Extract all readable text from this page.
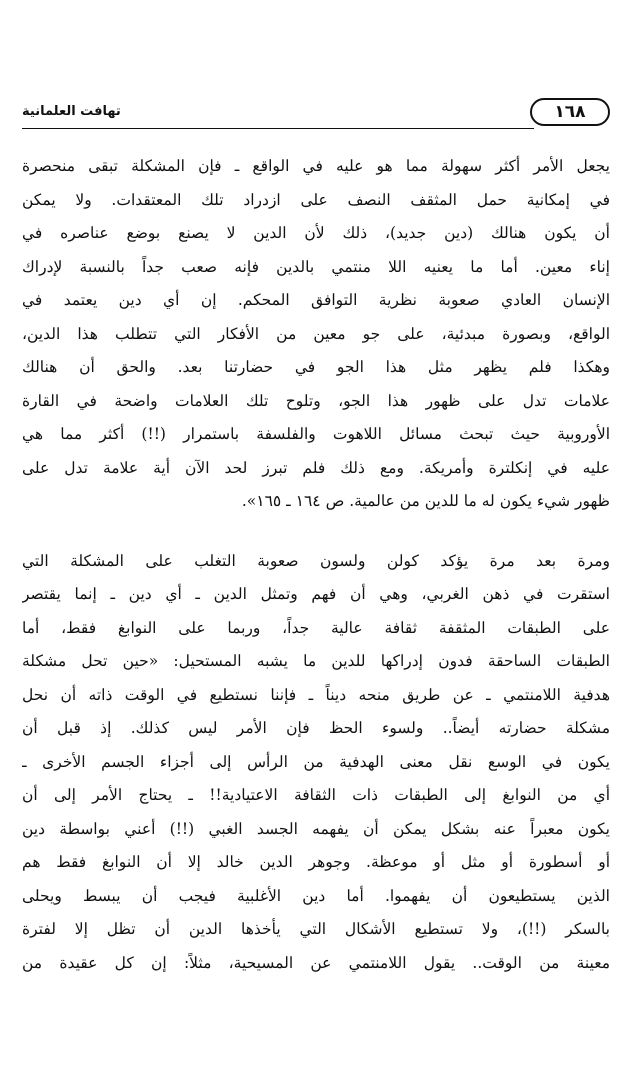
١٦٨
تهافت العلمانية
يجعل الأمر أكثر سهولة مما هو عليه في الواقع ـ فإن المشكلة تبقى منحصرة
في إمكانية حمل المثقف النصف على ازدراد تلك المعتقدات. ولا يمكن
أن يكون هنالك (دين جديد)، ذلك لأن الدين لا يصنع بوضع عناصره في
إناء معين. أما ما يعنيه اللا منتمي بالدين فإنه صعب جداً بالنسبة لإدراك
الإنسان العادي صعوبة نظرية التوافق المحكم. إن أي دين يعتمد في
الواقع، وبصورة مبدئية، على جو معين من الأفكار التي تتطلب هذا الدين،
وهكذا فلم يظهر مثل هذا الجو في حضارتنا بعد. والحق أن هنالك
علامات تدل على ظهور هذا الجو، وتلوح تلك العلامات واضحة في القارة
الأوروبية حيث تبحث مسائل اللاهوت والفلسفة باستمرار (!!) أكثر مما هي
عليه في إنكلترة وأمريكة. ومع ذلك فلم تبرز لحد الآن أية علامة تدل على
ظهور شيء يكون له ما للدين من عالمية. ص ١٦٤ ـ ١٦٥».
ومرة بعد مرة يؤكد كولن ولسون صعوبة التغلب على المشكلة التي
استقرت في ذهن الغربي، وهي أن فهم وتمثل الدين ـ أي دين ـ إنما يقتصر
على الطبقات المثقفة ثقافة عالية جداً، وربما على النوابغ فقط، أما
الطبقات الساحقة فدون إدراكها للدين ما يشبه المستحيل: «حين تحل مشكلة
هدفية اللامنتمي ـ عن طريق منحه ديناً ـ فإننا نستطيع في الوقت ذاته أن نحل
مشكلة حضارته أيضاً.. ولسوء الحظ فإن الأمر ليس كذلك. إذ قبل أن
يكون في الوسع نقل معنى الهدفية من الرأس إلى أجزاء الجسم الأخرى ـ
أي من النوابغ إلى الطبقات ذات الثقافة الاعتيادية!! ـ يحتاج الأمر إلى أن
يكون معبراً عنه بشكل يمكن أن يفهمه الجسد الغبي (!!) أعني بواسطة دين
أو أسطورة أو مثل أو موعظة. وجوهر الدين خالد إلا أن النوابغ فقط هم
الذين يستطيعون أن يفهموا. أما دين الأغلبية فيجب أن يبسط ويحلى
بالسكر (!!)، ولا تستطيع الأشكال التي يأخذها الدين أن تظل إلا لفترة
معينة من الوقت.. يقول اللامنتمي عن المسيحية، مثلاً: إن كل عقيدة من
